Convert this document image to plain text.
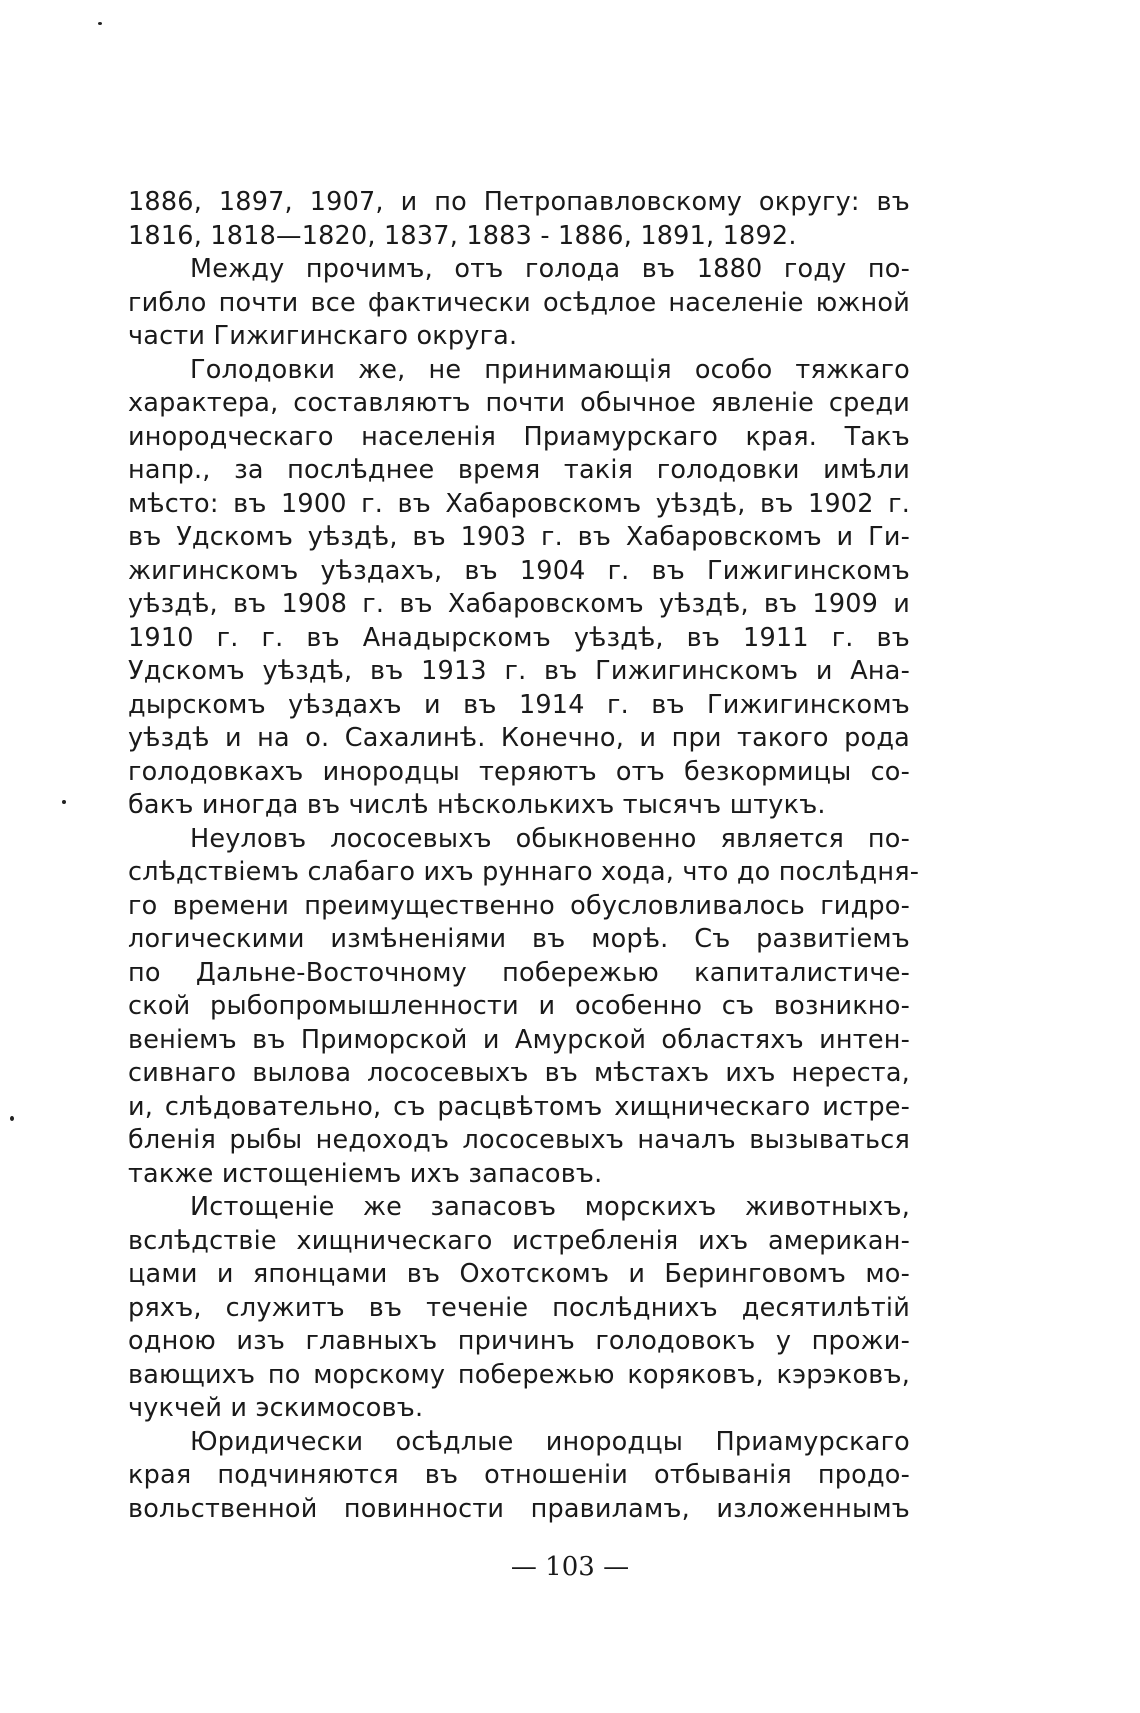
1886, 1897, 1907, и по Петропавловскому округу: въ
1816, 1818—1820, 1837, 1883 - 1886, 1891, 1892.
Между прочимъ, отъ голода въ 1880 году по-
гибло почти все фактически осѣдлое населеніе южной
части Гижигинскаго округа.
Голодовки же, не принимающія особо тяжкаго
характера, составляютъ почти обычное явленіе среди
инородческаго населенія Приамурскаго края. Такъ
напр., за послѣднее время такія голодовки имѣли
мѣсто: въ 1900 г. въ Хабаровскомъ уѣздѣ, въ 1902 г.
въ Удскомъ уѣздѣ, въ 1903 г. въ Хабаровскомъ и Ги-
жигинскомъ уѣздахъ, въ 1904 г. въ Гижигинскомъ
уѣздѣ, въ 1908 г. въ Хабаровскомъ уѣздѣ, въ 1909 и
1910 г. г. въ Анадырскомъ уѣздѣ, въ 1911 г. въ
Удскомъ уѣздѣ, въ 1913 г. въ Гижигинскомъ и Ана-
дырскомъ уѣздахъ и въ 1914 г. въ Гижигинскомъ
уѣздѣ и на о. Сахалинѣ. Конечно, и при такого рода
голодовкахъ инородцы теряютъ отъ безкормицы со-
бакъ иногда въ числѣ нѣсколькихъ тысячъ штукъ.
Неуловъ лососевыхъ обыкновенно является по-
слѣдствіемъ слабаго ихъ руннаго хода, что до послѣдня-
го времени преимущественно обусловливалось гидро-
логическими измѣненіями въ морѣ. Съ развитіемъ
по Дальне-Восточному побережью капиталистиче-
ской рыбопромышленности и особенно съ возникно-
веніемъ въ Приморской и Амурской областяхъ интен-
сивнаго вылова лососевыхъ въ мѣстахъ ихъ нереста,
и, слѣдовательно, съ расцвѣтомъ хищническаго истре-
бленія рыбы недоходъ лососевыхъ началъ вызываться
также истощеніемъ ихъ запасовъ.
Истощеніе же запасовъ морскихъ животныхъ,
вслѣдствіе хищническаго истребленія ихъ американ-
цами и японцами въ Охотскомъ и Беринговомъ мо-
ряхъ, служитъ въ теченіе послѣднихъ десятилѣтій
одною изъ главныхъ причинъ голодовокъ у прожи-
вающихъ по морскому побережью коряковъ, кэрэковъ,
чукчей и эскимосовъ.
Юридически осѣдлые инородцы Приамурскаго
края подчиняются въ отношеніи отбыванія продо-
вольственной повинности правиламъ, изложеннымъ
— 103 —
